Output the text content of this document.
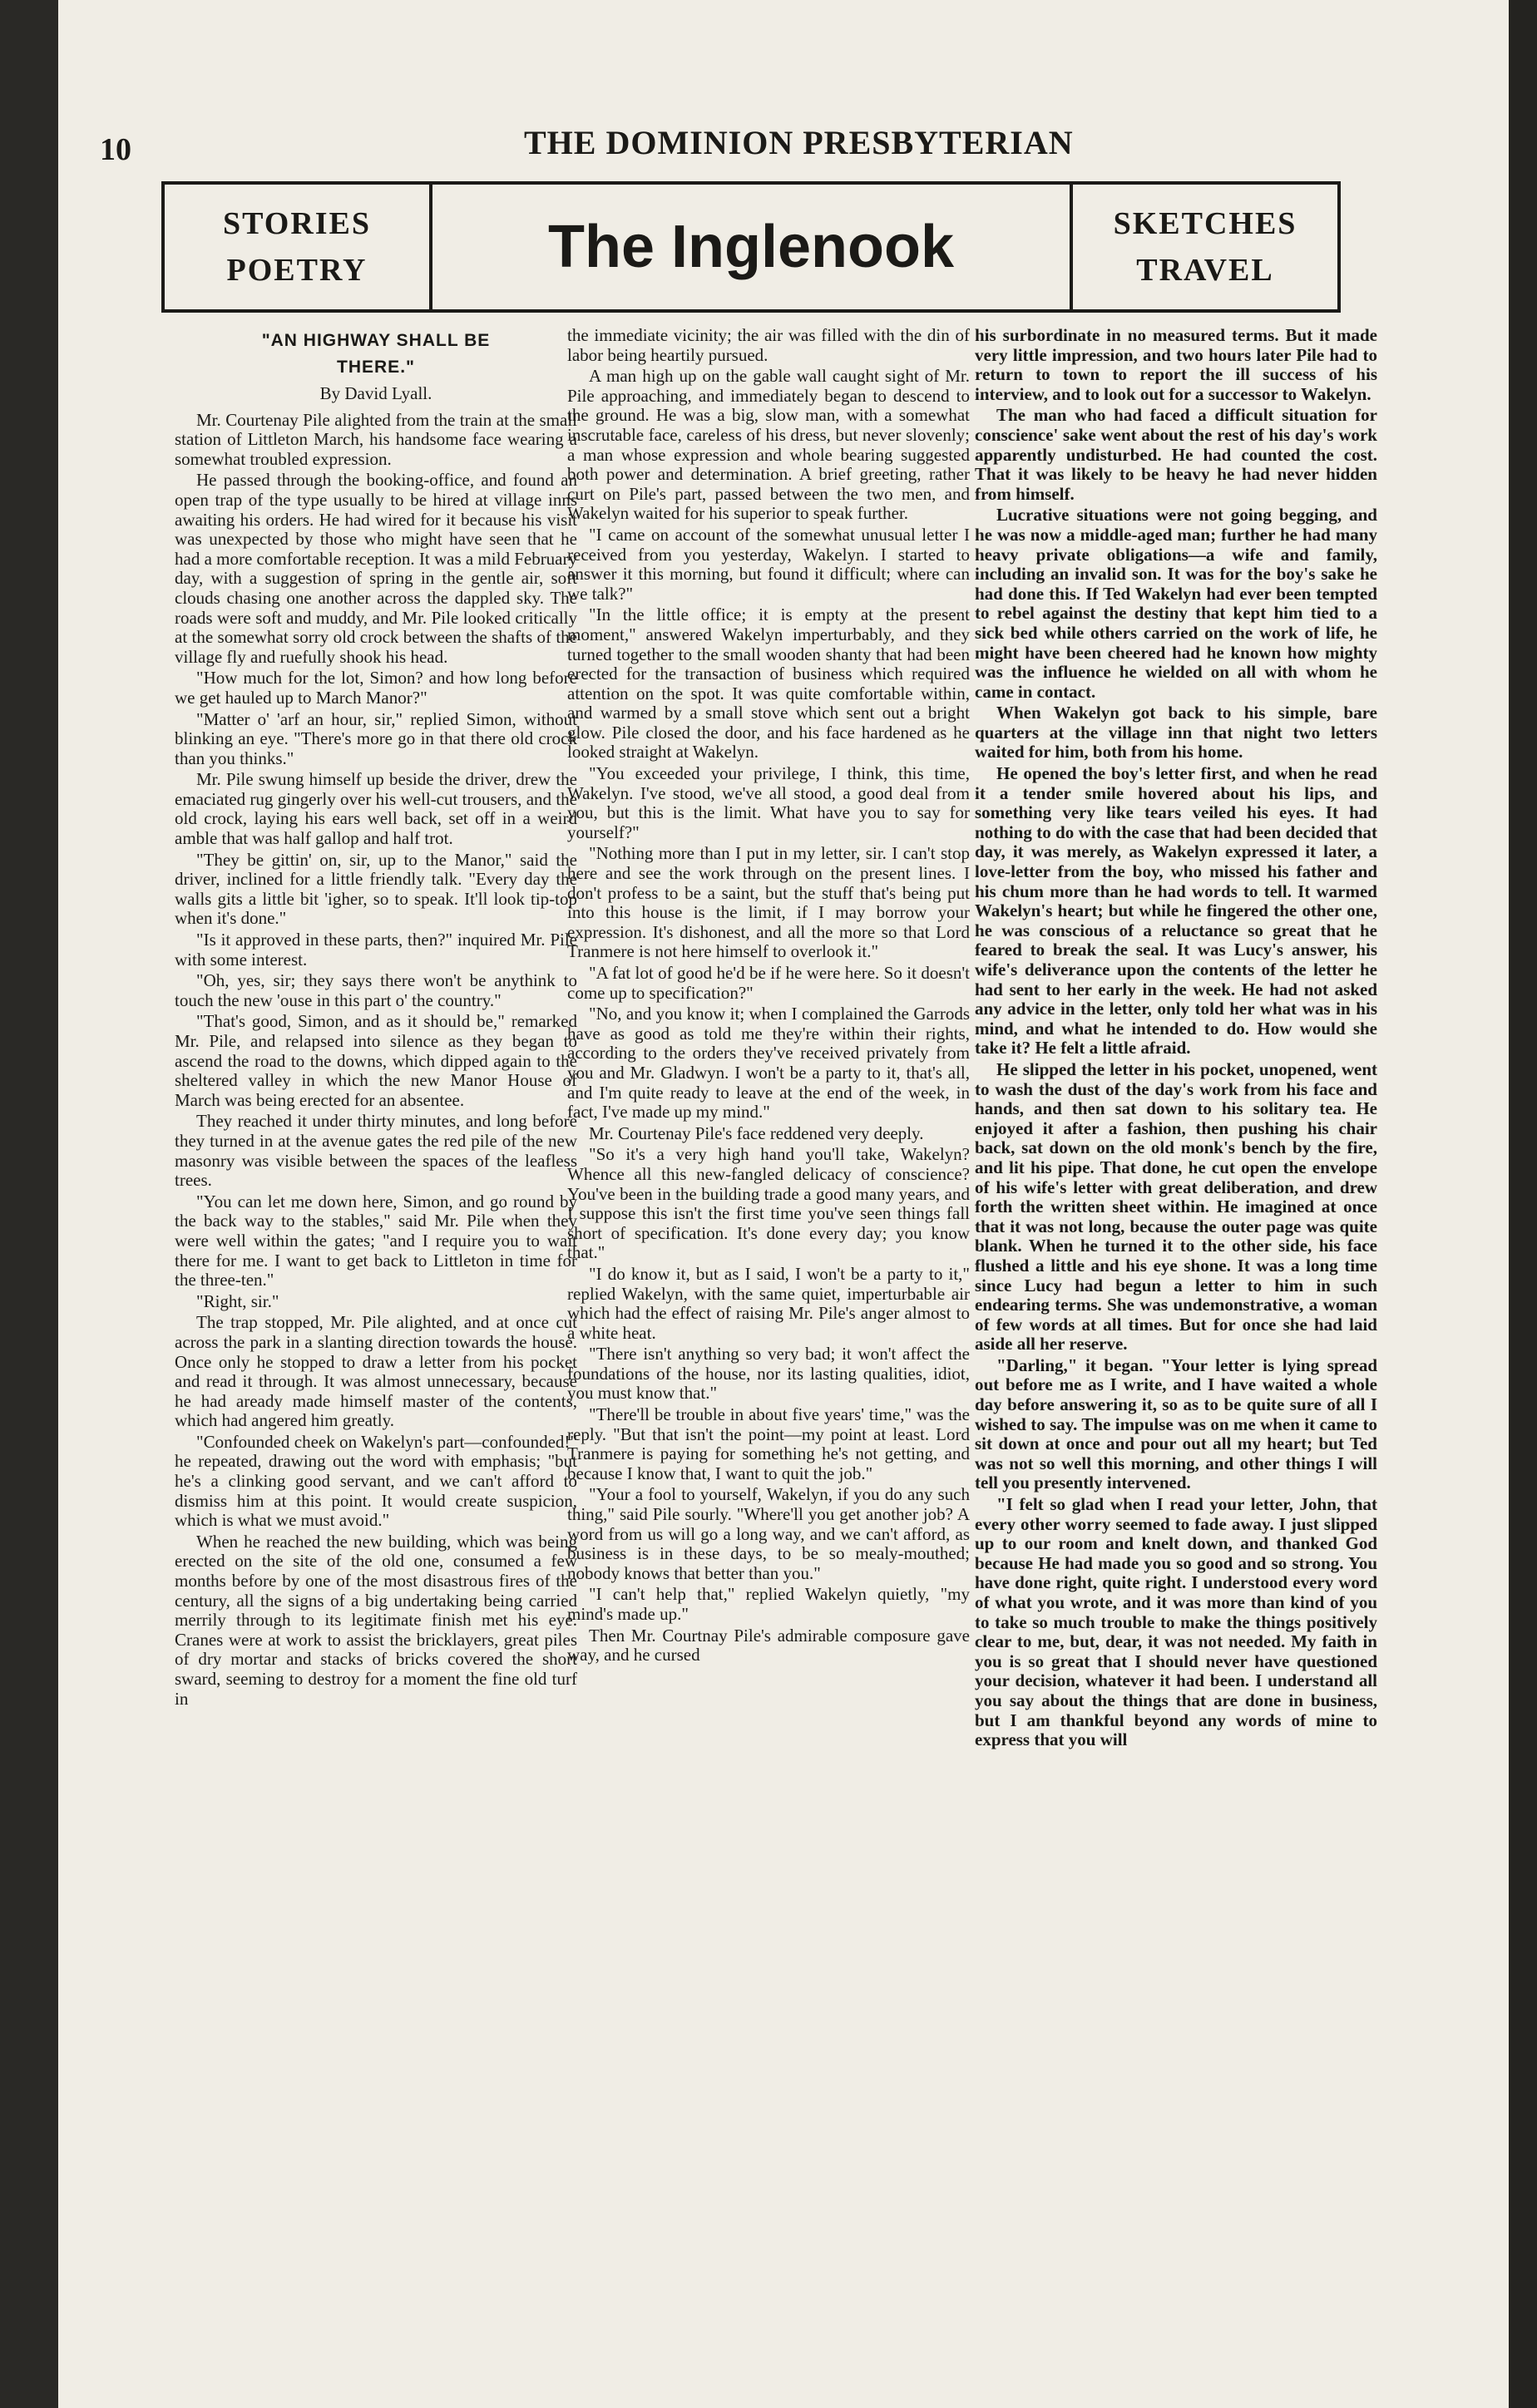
10	THE DOMINION PRESBYTERIAN
STORIES
POETRY	The Inglenook	SKETCHES
TRAVEL
"AN HIGHWAY SHALL BE
THERE."
By David Lyall.

Mr. Courtenay Pile alighted from the train at the small station of Littleton March, his handsome face wearing a somewhat troubled expression.

He passed through the booking-office, and found an open trap of the type usually to be hired at village inns awaiting his orders. He had wired for it because his visit was unexpected by those who might have seen that he had a more comfortable reception. It was a mild February day, with a suggestion of spring in the gentle air, soft clouds chasing one another across the dappled sky. The roads were soft and muddy, and Mr. Pile looked critically at the somewhat sorry old crock between the shafts of the village fly and ruefully shook his head.

"How much for the lot, Simon? and how long before we get hauled up to March Manor?"

"Matter o' 'arf an hour, sir," replied Simon, without blinking an eye. "There's more go in that there old crock than you thinks."

Mr. Pile swung himself up beside the driver, drew the emaciated rug gingerly over his well-cut trousers, and the old crock, laying his ears well back, set off in a weird amble that was half gallop and half trot.

"They be gittin' on, sir, up to the Manor," said the driver, inclined for a little friendly talk. "Every day the walls gits a little bit 'igher, so to speak. It'll look tip-top when it's done."

"Is it approved in these parts, then?" inquired Mr. Pile with some interest.

"Oh, yes, sir; they says there won't be anythink to touch the new 'ouse in this part o' the country."

"That's good, Simon, and as it should be," remarked Mr. Pile, and relapsed into silence as they began to ascend the road to the downs, which dipped again to the sheltered valley in which the new Manor House of March was being erected for an absentee.

They reached it under thirty minutes, and long before they turned in at the avenue gates the red pile of the new masonry was visible between the spaces of the leafless trees.

"You can let me down here, Simon, and go round by the back way to the stables," said Mr. Pile when they were well within the gates; "and I require you to wait there for me. I want to get back to Littleton in time for the three-ten."

"Right, sir."

The trap stopped, Mr. Pile alighted, and at once cut across the park in a slanting direction towards the house. Once only he stopped to draw a letter from his pocket and read it through. It was almost unnecessary, because he had aready made himself master of the contents, which had angered him greatly.

"Confounded cheek on Wakelyn's part—confounded!" he repeated, drawing out the word with emphasis; "but he's a clinking good servant, and we can't afford to dismiss him at this point. It would create suspicion, which is what we must avoid."

When he reached the new building, which was being erected on the site of the old one, consumed a few months before by one of the most disastrous fires of the century, all the signs of a big undertaking being carried merrily through to its legitimate finish met his eye. Cranes were at work to assist the bricklayers, great piles of dry mortar and stacks of bricks covered the short sward, seeming to destroy for a moment the fine old turf in

the immediate vicinity; the air was filled with the din of labor being heartily pursued.

A man high up on the gable wall caught sight of Mr. Pile approaching, and immediately began to descend to the ground. He was a big, slow man, with a somewhat inscrutable face, careless of his dress, but never slovenly; a man whose expression and whole bearing suggested both power and determination. A brief greeting, rather curt on Pile's part, passed between the two men, and Wakelyn waited for his superior to speak further.

"I came on account of the somewhat unusual letter I received from you yesterday, Wakelyn. I started to answer it this morning, but found it difficult; where can we talk?"

"In the little office; it is empty at the present moment," answered Wakelyn imperturbably, and they turned together to the small wooden shanty that had been erected for the transaction of business which required attention on the spot. It was quite comfortable within, and warmed by a small stove which sent out a bright glow. Pile closed the door, and his face hardened as he looked straight at Wakelyn.

"You exceeded your privilege, I think, this time, Wakelyn. I've stood, we've all stood, a good deal from you, but this is the limit. What have you to say for yourself?"

"Nothing more than I put in my letter, sir. I can't stop here and see the work through on the present lines. I don't profess to be a saint, but the stuff that's being put into this house is the limit, if I may borrow your expression. It's dishonest, and all the more so that Lord Tranmere is not here himself to overlook it."

"A fat lot of good he'd be if he were here. So it doesn't come up to specification?"

"No, and you know it; when I complained the Garrods have as good as told me they're within their rights, according to the orders they've received privately from you and Mr. Gladwyn. I won't be a party to it, that's all, and I'm quite ready to leave at the end of the week, in fact, I've made up my mind."

Mr. Courtenay Pile's face reddened very deeply.

"So it's a very high hand you'll take, Wakelyn? Whence all this new-fangled delicacy of conscience? You've been in the building trade a good many years, and I suppose this isn't the first time you've seen things fall short of specification. It's done every day; you know that."

"I do know it, but as I said, I won't be a party to it," replied Wakelyn, with the same quiet, imperturbable air which had the effect of raising Mr. Pile's anger almost to a white heat.

"There isn't anything so very bad; it won't affect the foundations of the house, nor its lasting qualities, idiot, you must know that."

"There'll be trouble in about five years' time," was the reply. "But that isn't the point—my point at least. Lord Tranmere is paying for something he's not getting, and because I know that, I want to quit the job."

"Your a fool to yourself, Wakelyn, if you do any such thing," said Pile sourly. "Where'll you get another job? A word from us will go a long way, and we can't afford, as business is in these days, to be so mealy-mouthed; nobody knows that better than you."

"I can't help that," replied Wakelyn quietly, "my mind's made up."

Then Mr. Courtnay Pile's admirable composure gave way, and he cursed

his surbordinate in no measured terms. But it made very little impression, and two hours later Pile had to return to town to report the ill success of his interview, and to look out for a successor to Wakelyn.

The man who had faced a difficult situation for conscience' sake went about the rest of his day's work apparently undisturbed. He had counted the cost. That it was likely to be heavy he had never hidden from himself.

Lucrative situations were not going begging, and he was now a middle-aged man; further he had many heavy private obligations—a wife and family, including an invalid son. It was for the boy's sake he had done this. If Ted Wakelyn had ever been tempted to rebel against the destiny that kept him tied to a sick bed while others carried on the work of life, he might have been cheered had he known how mighty was the influence he wielded on all with whom he came in contact.

When Wakelyn got back to his simple, bare quarters at the village inn that night two letters waited for him, both from his home.

He opened the boy's letter first, and when he read it a tender smile hovered about his lips, and something very like tears veiled his eyes. It had nothing to do with the case that had been decided that day, it was merely, as Wakelyn expressed it later, a love-letter from the boy, who missed his father and his chum more than he had words to tell. It warmed Wakelyn's heart; but while he fingered the other one, he was conscious of a reluctance so great that he feared to break the seal. It was Lucy's answer, his wife's deliverance upon the contents of the letter he had sent to her early in the week. He had not asked any advice in the letter, only told her what was in his mind, and what he intended to do. How would she take it? He felt a little afraid.

He slipped the letter in his pocket, unopened, went to wash the dust of the day's work from his face and hands, and then sat down to his solitary tea. He enjoyed it after a fashion, then pushing his chair back, sat down on the old monk's bench by the fire, and lit his pipe. That done, he cut open the envelope of his wife's letter with great deliberation, and drew forth the written sheet within. He imagined at once that it was not long, because the outer page was quite blank. When he turned it to the other side, his face flushed a little and his eye shone. It was a long time since Lucy had begun a letter to him in such endearing terms. She was undemonstrative, a woman of few words at all times. But for once she had laid aside all her reserve.

"Darling," it began. "Your letter is lying spread out before me as I write, and I have waited a whole day before answering it, so as to be quite sure of all I wished to say. The impulse was on me when it came to sit down at once and pour out all my heart; but Ted was not so well this morning, and other things I will tell you presently intervened.

"I felt so glad when I read your letter, John, that every other worry seemed to fade away. I just slipped up to our room and knelt down, and thanked God because He had made you so good and so strong. You have done right, quite right. I understood every word of what you wrote, and it was more than kind of you to take so much trouble to make the things positively clear to me, but, dear, it was not needed. My faith in you is so great that I should never have questioned your decision, whatever it had been. I understand all you say about the things that are done in business, but I am thankful beyond any words of mine to express that you will
